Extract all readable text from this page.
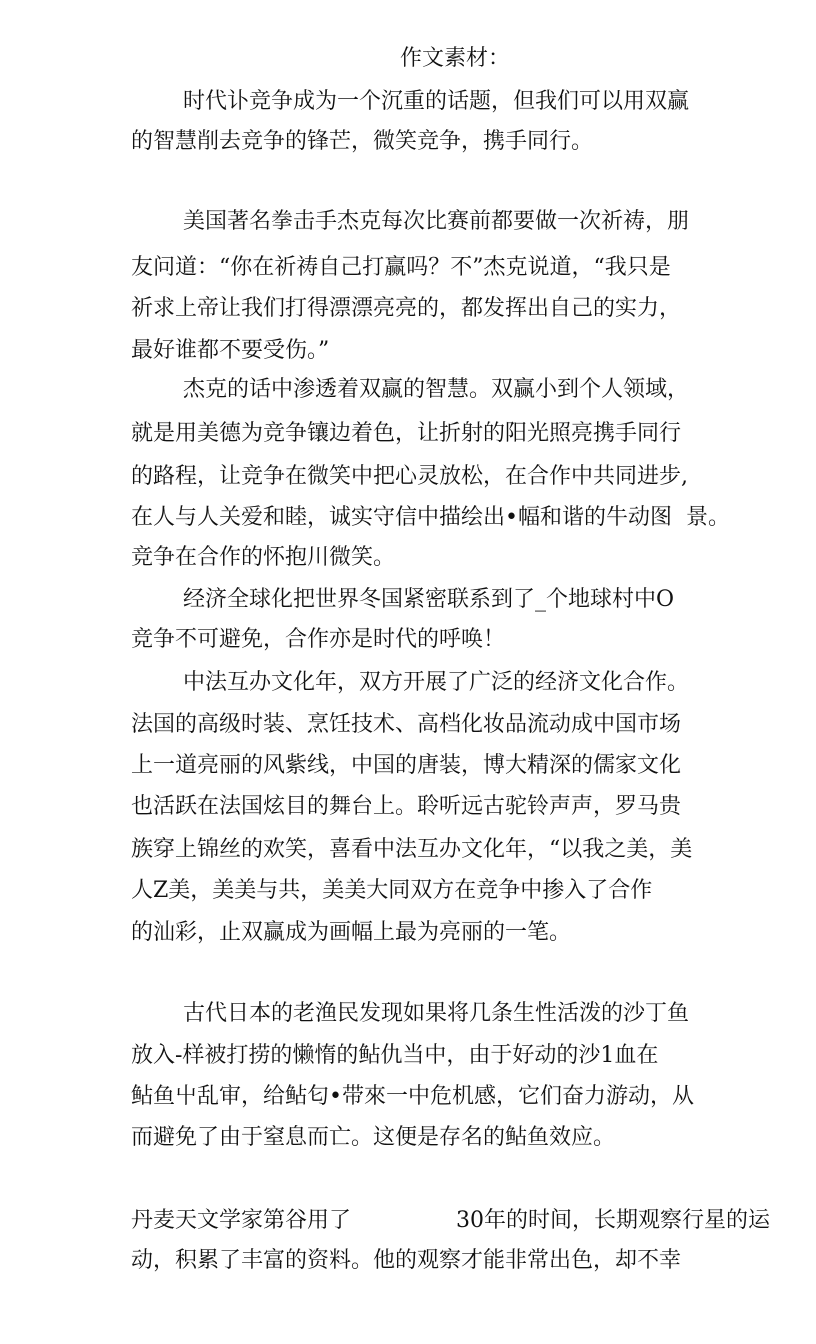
作文素材：
时代讣竞争成为一个沉重的话题，但我们可以用双赢
的智慧削去竞争的锋芒，微笑竞争，携手同行。
美国著名拳击手杰克每次比赛前都要做一次祈祷，朋
友问道：“你在祈祷自己打赢吗？不”杰克说道，“我只是
祈求上帝让我们打得漂漂亮亮的，都发挥出自己的实力，
最好谁都不要受伤。”
杰克的话中渗透着双赢的智慧。双赢小到个人领域，
就是用美德为竞争镶边着色，让折射的阳光照亮携手同行
的路程，让竞争在微笑中把心灵放松，在合作中共同进步,
在人与人关爱和睦，诚实守信中描绘出•幅和谐的牛动图  景。
竞争在合作的怀抱川微笑。
经济全球化把世界冬国紧密联系到了_个地球村中O
竞争不可避免，合作亦是时代的呼唤！
中法互办文化年，双方开展了广泛的经济文化合作。
法国的高级时装、烹饪技术、高档化妆品流动成中国市场
上一道亮丽的风紫线，中国的唐装，博大精深的儒家文化
也活跃在法国炫目的舞台上。聆听远古驼铃声声，罗马贵
族穿上锦丝的欢笑，喜看中法互办文化年，“以我之美，美
人Z美，美美与共，美美大同双方在竞争中掺入了合作
的汕彩，止双赢成为画幅上最为亮丽的一笔。
古代日本的老渔民发现如果将几条生性活泼的沙丁鱼
放入-样被打捞的懒惰的鲇仇当中，由于好动的沙1血在
鲇鱼屮乱审，给鲇匂•带來一中危机感，它们奋力游动，从
而避免了由于窒息而亡。这便是存名的鲇鱼效应。
丹麦天文学家第谷用了	30年的时间，长期观察行星的运
动，积累了丰富的资料。他的观察才能非常出色，却不幸
